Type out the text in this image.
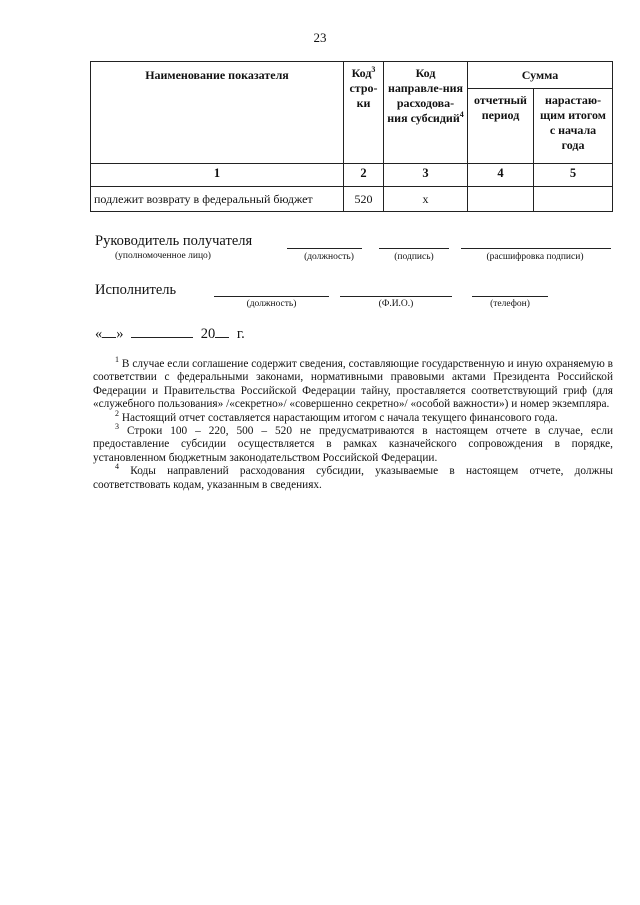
23
Наименование показателя	Код$^3$ стро-ки	Код направле-ния расходова-ния субсидий$^4$	Сумма	
			отчетный период	нарастаю-щим итогом с начала года
1	2	3	4	5
подлежит возврату в федеральный бюджет	520	x		
Руководитель получателя
(уполномоченное лицо)	(должность)	(подпись)	(расшифровка подписи)
Исполнитель
(должность)	(Ф.И.О.)	(телефон)
« »	20 г.

$^1$ В случае если соглашение содержит сведения, составляющие государственную и иную охраняемую в соответствии с федеральными законами, нормативными правовыми актами Президента Российской Федерации и Правительства Российской Федерации тайну, проставляется соответствующий гриф (для «служебного пользования» /«секретно»/ «совершенно секретно»/ «особой важности») и номер экземпляра.

$^2$ Настоящий отчет составляется нарастающим итогом с начала текущего финансового года.

$^3$ Строки 100 – 220, 500 – 520 не предусматриваются в настоящем отчете в случае, если предоставление субсидии осуществляется в рамках казначейского сопровождения в порядке, установленном бюджетным законодательством Российской Федерации.

$^4$ Коды направлений расходования субсидии, указываемые в настоящем отчете, должны соответствовать кодам, указанным в сведениях.
